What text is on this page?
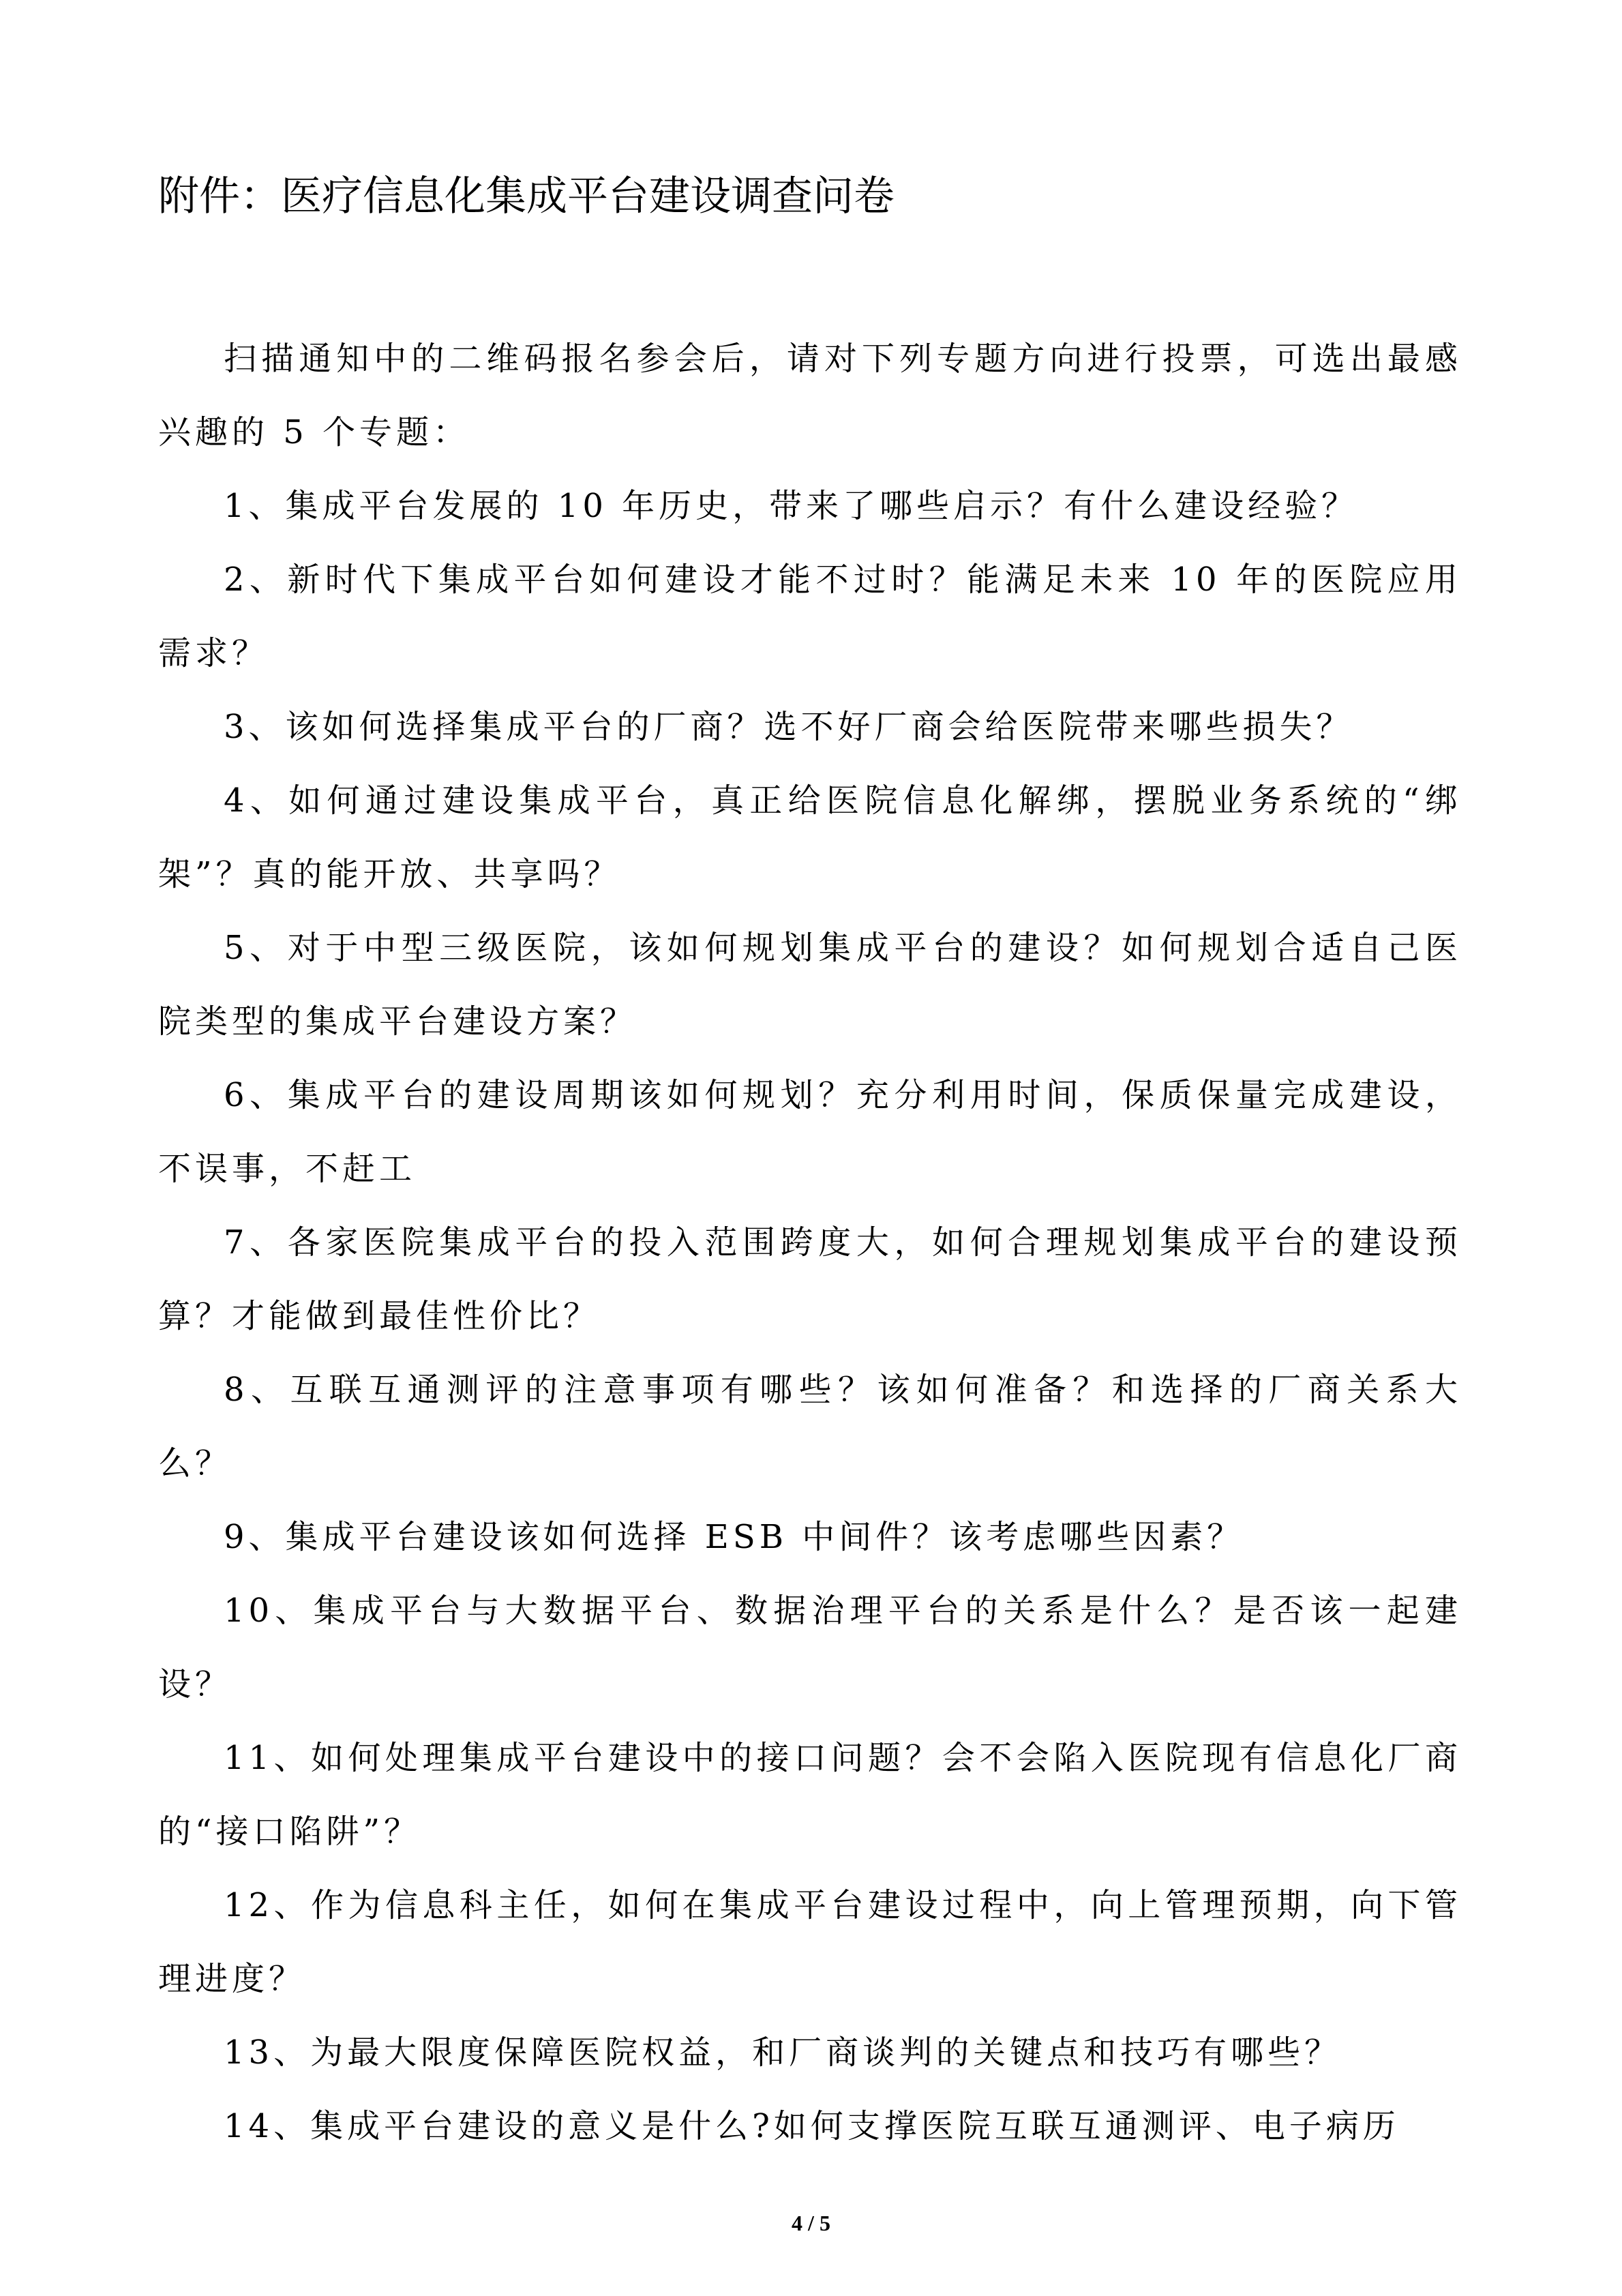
附件：医疗信息化集成平台建设调查问卷

扫描通知中的二维码报名参会后，请对下列专题方向进行投票，可选出最感兴趣的 5 个专题：

1、集成平台发展的 10 年历史，带来了哪些启示？有什么建设经验？

2、新时代下集成平台如何建设才能不过时？能满足未来 10 年的医院应用需求？

3、该如何选择集成平台的厂商？选不好厂商会给医院带来哪些损失？

4、如何通过建设集成平台，真正给医院信息化解绑，摆脱业务系统的“绑架”？真的能开放、共享吗？

5、对于中型三级医院，该如何规划集成平台的建设？如何规划合适自己医院类型的集成平台建设方案？

6、集成平台的建设周期该如何规划？充分利用时间，保质保量完成建设，不误事，不赶工

7、各家医院集成平台的投入范围跨度大，如何合理规划集成平台的建设预算？才能做到最佳性价比？

8、互联互通测评的注意事项有哪些？该如何准备？和选择的厂商关系大么？

9、集成平台建设该如何选择 ESB 中间件？该考虑哪些因素？

10、集成平台与大数据平台、数据治理平台的关系是什么？是否该一起建设？

11、如何处理集成平台建设中的接口问题？会不会陷入医院现有信息化厂商的“接口陷阱”？

12、作为信息科主任，如何在集成平台建设过程中，向上管理预期，向下管理进度？

13、为最大限度保障医院权益，和厂商谈判的关键点和技巧有哪些？

14、集成平台建设的意义是什么?如何支撑医院互联互通测评、电子病历

4 / 5
